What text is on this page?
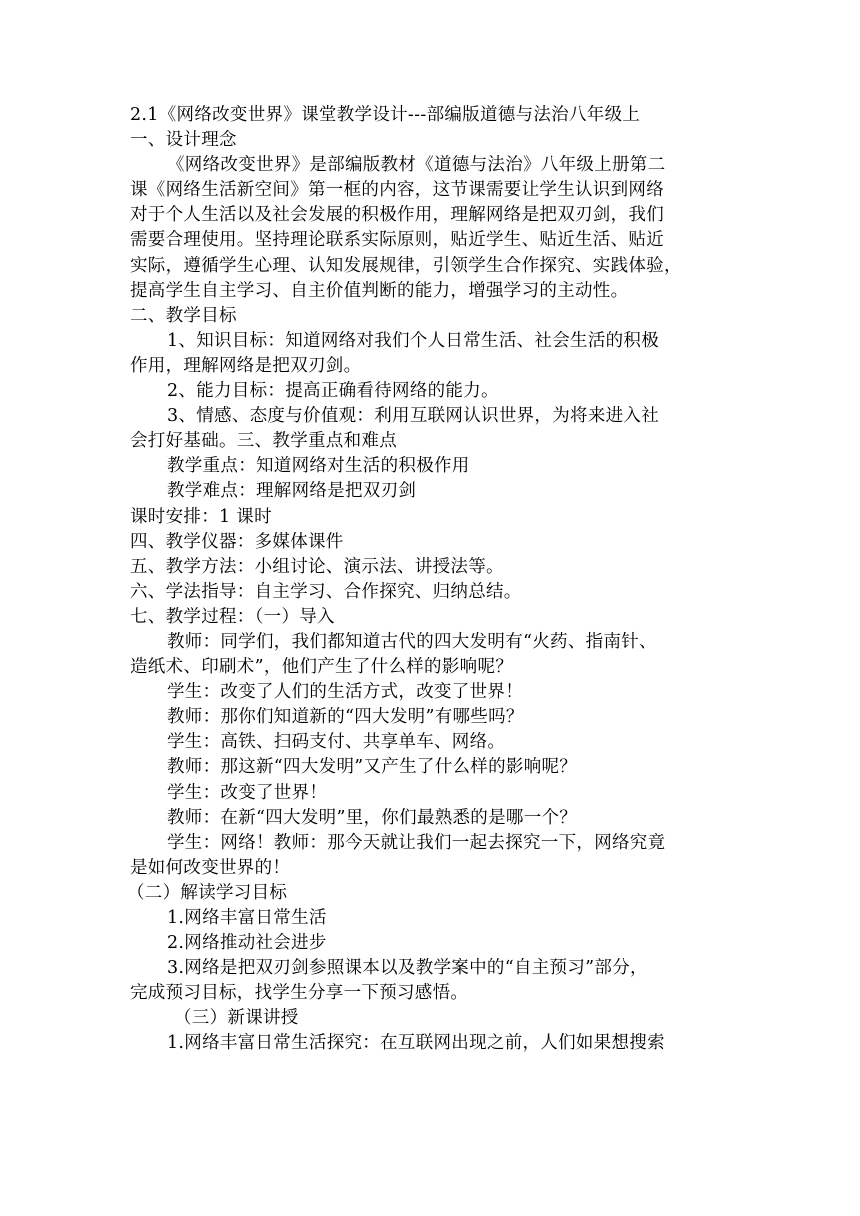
2.1《网络改变世界》课堂教学设计---部编版道德与法治八年级上
一、设计理念
《网络改变世界》是部编版教材《道德与法治》八年级上册第二
课《网络生活新空间》第一框的内容，这节课需要让学生认识到网络
对于个人生活以及社会发展的积极作用，理解网络是把双刃剑，我们
需要合理使用。坚持理论联系实际原则，贴近学生、贴近生活、贴近
实际，遵循学生心理、认知发展规律，引领学生合作探究、实践体验，
提高学生自主学习、自主价值判断的能力，增强学习的主动性。
二、教学目标
1、知识目标：知道网络对我们个人日常生活、社会生活的积极
作用，理解网络是把双刃剑。
2、能力目标：提高正确看待网络的能力。
3、情感、态度与价值观：利用互联网认识世界，为将来进入社
会打好基础。三、教学重点和难点
教学重点：知道网络对生活的积极作用
教学难点：理解网络是把双刃剑
课时安排：1 课时
四、教学仪器：多媒体课件
五、教学方法：小组讨论、演示法、讲授法等。
六、学法指导：自主学习、合作探究、归纳总结。
七、教学过程：（一）导入
教师：同学们，我们都知道古代的四大发明有“火药、指南针、
造纸术、印刷术”，他们产生了什么样的影响呢？
学生：改变了人们的生活方式，改变了世界！
教师：那你们知道新的“四大发明”有哪些吗？
学生：高铁、扫码支付、共享单车、网络。
教师：那这新“四大发明”又产生了什么样的影响呢？
学生：改变了世界！
教师：在新“四大发明”里，你们最熟悉的是哪一个？
学生：网络！教师：那今天就让我们一起去探究一下，网络究竟
是如何改变世界的！
（二）解读学习目标
1.网络丰富日常生活
2.网络推动社会进步
3.网络是把双刃剑参照课本以及教学案中的“自主预习”部分，
完成预习目标，找学生分享一下预习感悟。
（三）新课讲授
1.网络丰富日常生活探究：在互联网出现之前，人们如果想搜索
